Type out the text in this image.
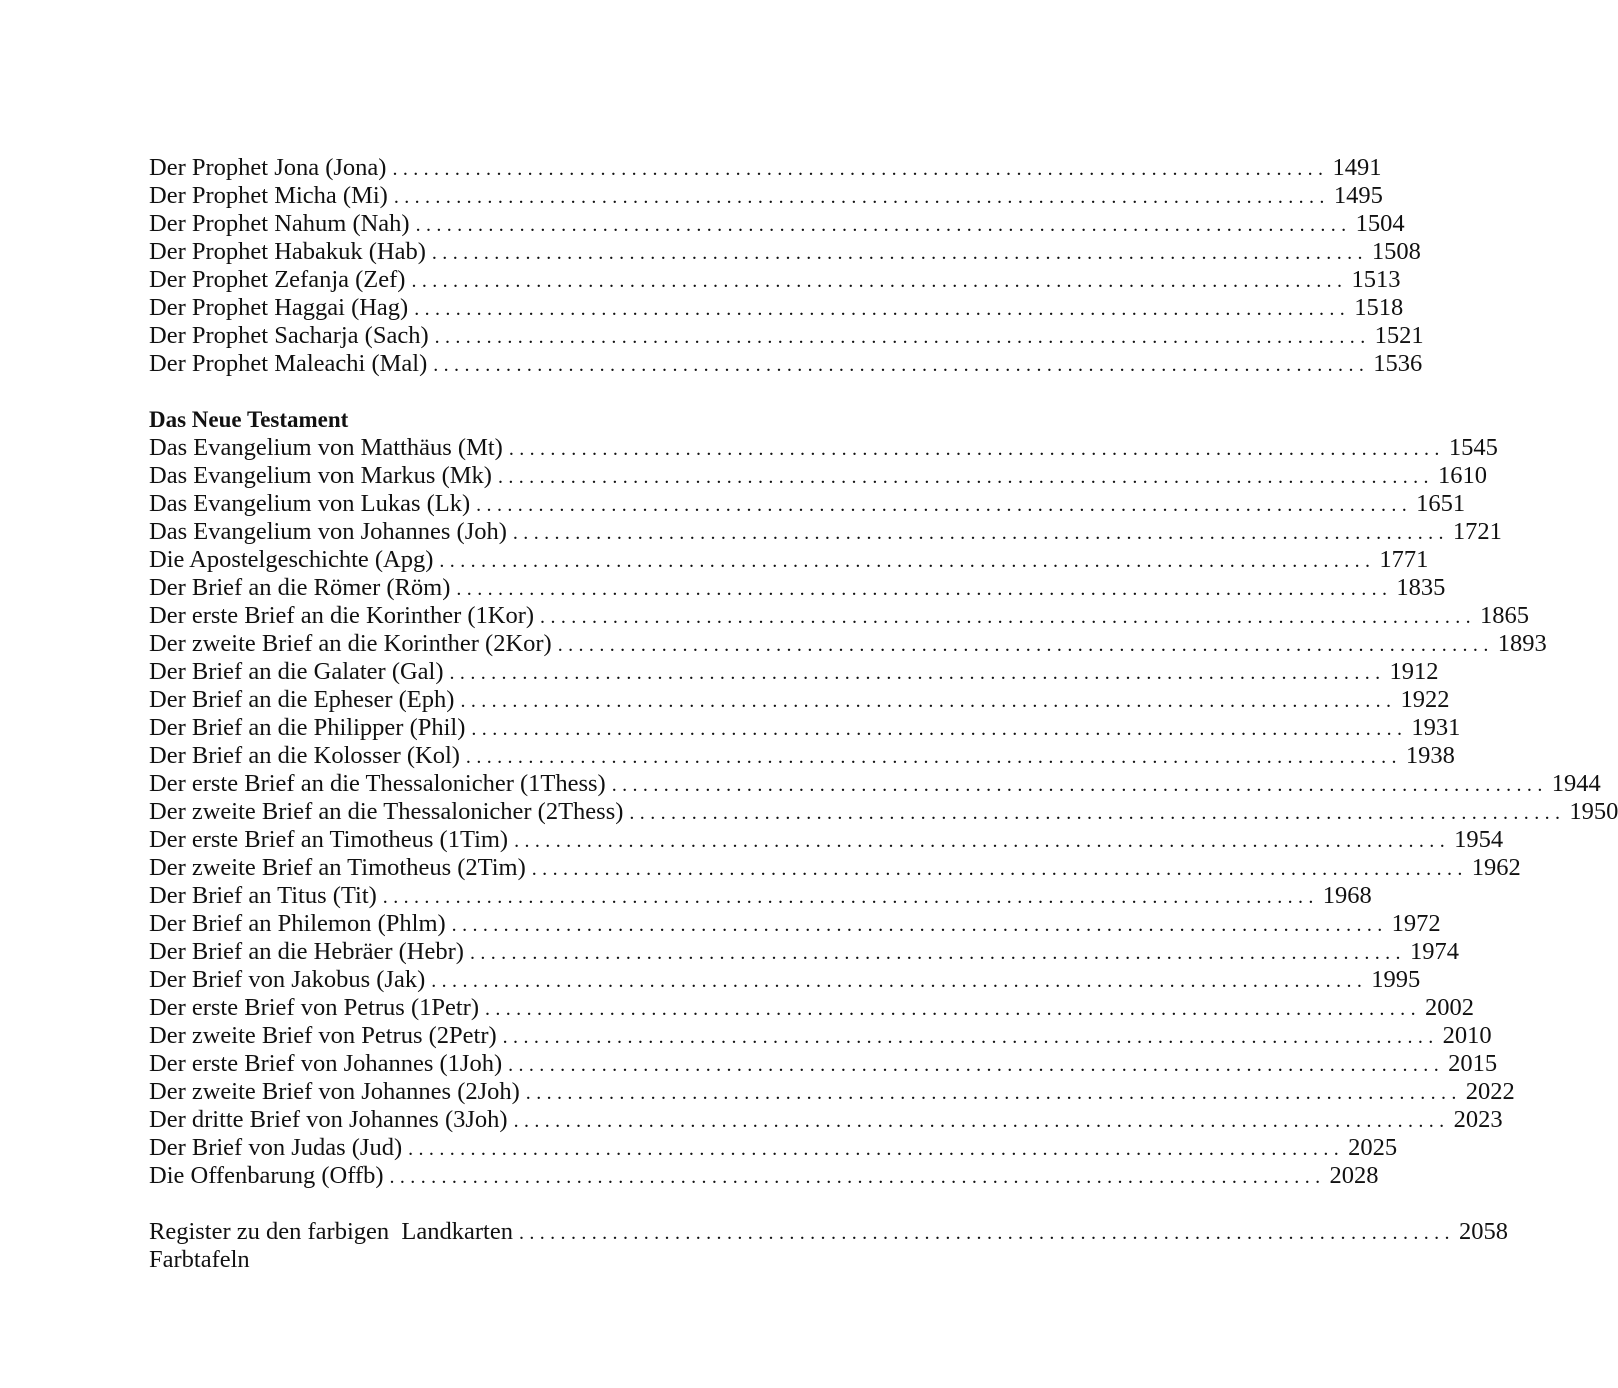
Der Prophet Jona (Jona) .......................................................................................... 1491
Der Prophet Micha (Mi) .......................................................................................... 1495
Der Prophet Nahum (Nah) .......................................................................................... 1504
Der Prophet Habakuk (Hab) .......................................................................................... 1508
Der Prophet Zefanja (Zef) .......................................................................................... 1513
Der Prophet Haggai (Hag) .......................................................................................... 1518
Der Prophet Sacharja (Sach) .......................................................................................... 1521
Der Prophet Maleachi (Mal) .......................................................................................... 1536
Das Neue Testament
Das Evangelium von Matthäus (Mt) .......................................................................................... 1545
Das Evangelium von Markus (Mk) .......................................................................................... 1610
Das Evangelium von Lukas (Lk) .......................................................................................... 1651
Das Evangelium von Johannes (Joh) .......................................................................................... 1721
Die Apostelgeschichte (Apg) .......................................................................................... 1771
Der Brief an die Römer (Röm) .......................................................................................... 1835
Der erste Brief an die Korinther (1Kor) .......................................................................................... 1865
Der zweite Brief an die Korinther (2Kor) .......................................................................................... 1893
Der Brief an die Galater (Gal) .......................................................................................... 1912
Der Brief an die Epheser (Eph) .......................................................................................... 1922
Der Brief an die Philipper (Phil) .......................................................................................... 1931
Der Brief an die Kolosser (Kol) .......................................................................................... 1938
Der erste Brief an die Thessalonicher (1Thess) .......................................................................................... 1944
Der zweite Brief an die Thessalonicher (2Thess) .......................................................................................... 1950
Der erste Brief an Timotheus (1Tim) .......................................................................................... 1954
Der zweite Brief an Timotheus (2Tim) .......................................................................................... 1962
Der Brief an Titus (Tit) .......................................................................................... 1968
Der Brief an Philemon (Phlm) .......................................................................................... 1972
Der Brief an die Hebräer (Hebr) .......................................................................................... 1974
Der Brief von Jakobus (Jak) .......................................................................................... 1995
Der erste Brief von Petrus (1Petr) .......................................................................................... 2002
Der zweite Brief von Petrus (2Petr) .......................................................................................... 2010
Der erste Brief von Johannes (1Joh) .......................................................................................... 2015
Der zweite Brief von Johannes (2Joh) .......................................................................................... 2022
Der dritte Brief von Johannes (3Joh) .......................................................................................... 2023
Der Brief von Judas (Jud) .......................................................................................... 2025
Die Offenbarung (Offb) .......................................................................................... 2028
Register zu den farbigen  Landkarten .......................................................................................... 2058
Farbtafeln
